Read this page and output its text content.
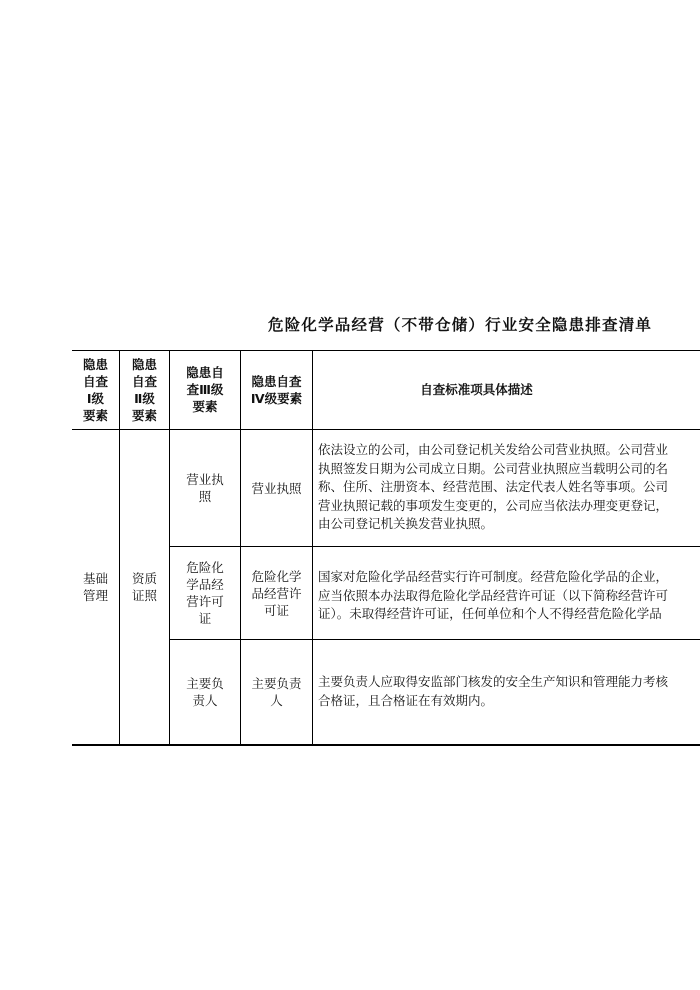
危险化学品经营（不带仓储）行业安全隐患排查清单
隐患
自查
Ⅰ级
要素
隐患
自查
Ⅱ级
要素
隐患自
查Ⅲ级
要素
隐患自查
Ⅳ级要素
自查标准项具体描述
基础
管理
资质
证照
营业执
照
营业执照
依法设立的公司，由公司登记机关发给公司营业执照。公司营业
执照签发日期为公司成立日期。公司营业执照应当载明公司的名
称、住所、注册资本、经营范围、法定代表人姓名等事项。公司
营业执照记载的事项发生变更的，公司应当依法办理变更登记，
由公司登记机关换发营业执照。
危险化
学品经
营许可
证
危险化学
品经营许
可证
国家对危险化学品经营实行许可制度。经营危险化学品的企业，
应当依照本办法取得危险化学品经营许可证（以下简称经营许可
证）。未取得经营许可证，任何单位和个人不得经营危险化学品
主要负
责人
主要负责
人
主要负责人应取得安监部门核发的安全生产知识和管理能力考核
合格证，且合格证在有效期内。
